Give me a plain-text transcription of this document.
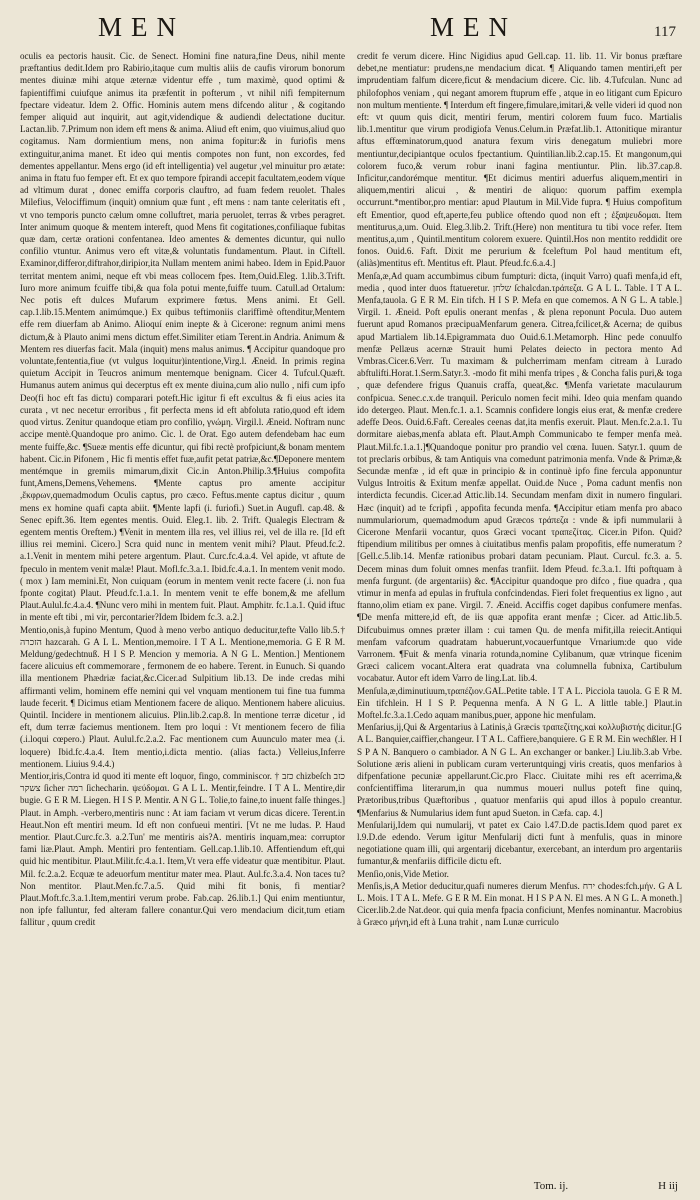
MEN	MEN	117

oculis ea pectoris hausit. Cic. de Senect. Homini fine natura,fine Deus, nihil mente præftantius dedit.Idem pro Rabirio,itaque cum multis aliis de caufis virorum bonorum mentes diuinæ mihi atque æternæ videntur effe , tum maximè, quod optimi & fapientiffimi cuiufque animus ita præfentit in pofterum , vt nihil nifi fempiternum fpectare videatur. Idem 2. Offic. Hominis autem mens difcendo alitur , & cogitando femper aliquid aut inquirit, aut agit,videndique & audiendi delectatione ducitur. Lactan.lib. 7.Primum non idem eft mens & anima. Aliud eft enim, quo viuimus,aliud quo cogitamus. Nam dormientium mens, non anima fopitur:& in furiofis mens extinguitur,anima manet. Et ideo qui mentis compotes non funt, non excordes, fed dementes appellantur. Mens ergo (id eft intelligentia) vel augetur ,vel minuitur pro ætate: anima in ftatu fuo femper eft. Et ex quo tempore fpirandi accepit facultatem,eodem víque ad vltimum durat , donec emiffa corporis clauftro, ad fuam fedem reuolet. Thales Milefius, Velociffimum (inquit) omnium quæ funt , eft mens : nam tante celeritatis eft , vt vno temporis puncto cælum omne colluftret, maria peruolet, terras & vrbes peragret. Inter animum quoque & mentem intereft, quod Mens fit cogitationes,confiliaque fubitas quæ dam, certæ orationi confentanea. Ideo amentes & dementes dicuntur, qui nullo confilio vtuntur. Animus vero eft vitæ,& voluntatis fundamentum. Plaut. in Ciftell. Examinor,differor,diftrahor,diripior,ita Nullam mentem animi habeo. Idem in Epid.Pauor territat mentem animi, neque eft vbi meas collocem fpes. Item,Ouid.Eleg. 1.lib.3.Trift. Iuro more animum fcuiffe tibi,& qua fola potui mente,fuiffe tuum. Catull.ad Ortalum: Nec potis eft dulces Mufarum exprimere fœtus. Mens animi. Et Gell. cap.1.lib.15.Mentem animúmque.) Ex quibus teftimoniis clariffimè oftenditur,Mentem effe rem diuerfam ab Animo. Alioquí enim inepte & à Cicerone: regnum animi mens dictum,& à Plauto animi mens dictum effet.Similiter etiam Terent.in Andria. Animum & Mentem res diuerfas facit. Mala (inquit) mens malus animus. ¶ Accipitur quandoque pro voluntate,fententia,fiue (vt vulgus loquitur)intentione,Virg.l. Æneid. In primis regina quietum Accipit in Teucros animum mentemque benignam. Cicer 4. Tufcul.Quæft. Humanus autem animus qui decerptus eft ex mente diuina,cum alio nullo , nifi cum ipfo Deo(fi hoc eft fas dictu) comparari poteft.Hic igitur fi eft excultus & fi eius acies ita curata , vt nec necetur erroribus , fit perfecta mens id eft abfoluta ratio,quod eft idem quod virtus. Zenitur quandoque etiam pro confilio, γνώμη. Virgil.l. Æneid. Noftram nunc accipe mentè.Quandoque pro animo. Cic. l. de Orat. Ego autem defendebam hac eum mente fuiffe,&c. ¶Sueæ mentis effe dicuntur, qui fibi rectè profpiciunt,& bonam mentem habent. Cic.in Pifonem , Hic fi mentis effet fuæ,aufit petat patriæ,&c.¶Deponere mentem mentémque in gremiis mimarum,dixit Cic.in Anton.Philip.3.¶Huius compofita funt,Amens,Demens,Vehemens. ¶Mente captus pro amente accipitur ,ἔκφρων,quemadmodum Oculis captus, pro cæco. Feftus.mente captus dicitur , quum mens ex homine quafi capta abiit. ¶Mente lapfi (i. furiofi.) Suet.in Augufl. cap.48. & Senec epift.36. Item egentes mentis. Ouid. Eleg.1. lib. 2. Trift. Qualegis Electram & egentem mentis Oreftem.) ¶Venit in mentem illa res, vel illius rei, vel de illa re. [Id eft illius rei memini. Cicero.] Scra quid nunc in mentem venit mihi? Plaut. Pfeud.fc.2. a.1.Venit in mentem mihi petere argentum. Plaut. Curc.fc.4.a.4. Vel apide, vt aftute de fpeculo in mentem venit malæ! Plaut. Mofl.fc.3.a.1. Ibid.fc.4.a.1. In mentem venit modo. ( mox ) Iam memini.Et, Non cuiquam (eorum in mentem venit recte facere (.i. non fua fponte cogitat) Plaut. Pfeud.fc.1.a.1. In mentem venit te effe bonem,& me afellum Plaut.Aulul.fc.4.a.4. ¶Nunc vero mihi in mentem fuit. Plaut. Amphitr. fc.1.a.1. Quid iftuc in mente eft tibi , mi vir, percontarier?Idem Ibidem fc.3. a.2.]

Mentio,onis,à fupino Mentum, Quod à meno verbo antiquo deducitur,tefte Vallo lib.5.† הזכרה hazcarah. G A L L. Mention,memoire. I T A L. Mentione,memoria. G E R M. Meldung/gedechtnuß. H I S P. Mencion y memoria. A N G L. Mention.] Mentionem facere alicuius eft commemorare , fermonem de eo habere. Terent. in Eunuch. Si quando illa mentionem Phædriæ faciat,&c.Cicer.ad Sulpitium lib.13. De inde credas mihi affirmanti velim, hominem effe nemini qui vel vnquam mentionem tui fine tua fumma laude fecerit. ¶ Dicimus etiam Mentionem facere de aliquo. Mentionem habere alicuius. Quintil. Incidere in mentionem alicuius. Plin.lib.2.cap.8. In mentione terræ dicetur , id eft, dum terræ faciemus mentionem. Item pro loqui : Vt mentionem fecero de filia (.i.loqui cœpero.) Plaut. Aulul.fc.2.a.2. Fac mentionem cum Auunculo mater mea (.i. loquere) Ibid.fc.4.a.4. Item mentio,i.dicta mentio. (alias facta.) Velleius,Inferre mentionem. Liuius 9.4.4.)

Mentior,iris,Contra id quod iti mente eft loquor, fingo, comminiscor. † כזב chizbeſch כזב צשקר ſicher רמה ſichecharin. ψεύδομαι. G A L L. Mentir,feindre. I T A L. Mentire,dir bugie. G E R M. Liegen. H I S P. Mentir. A N G L. Tolie,to faine,to inuent falſe thinges.] Plaut. in Amph. -verbero,mentiris nunc : At iam faciam vt verum dicas dicere. Terent.in Heaut.Non eft mentiri meum. Id eft non confueui mentiri. [Vt ne me ludas. P. Haud mentior. Plaut.Curc.fc.3. a.2.Tun' me mentiris ais?A. mentiris inquam,mea: corruptor fami liæ.Plaut. Amph. Mentiri pro fententiam. Gell.cap.1.lib.10. Affentiendum eft,qui quid hic mentibitur. Plaut.Milit.fc.4.a.1. Item,Vt vera effe videatur quæ mentibitur. Plaut. Mil. fc.2.a.2. Ecquæ te adeuorfum mentitur mater mea. Plaut. Aul.fc.3.a.4. Non taces tu?Non mentitor. Plaut.Men.fc.7.a.5. Quid mihi fit bonis, fi mentiar? Plaut.Moft.fc.3.a.1.Item,mentiri verum probe. Fab.cap. 26.lib.1.] Qui enim mentiuntur, non ipfe falluntur, fed alteram fallere conantur.Qui vero mendacium dicit,tum etiam fallitur , quum credit

credit fe verum dicere. Hinc Nigidius apud Gell.cap. 11. lib. 11. Vir bonus præftare debet,ne mentiatur: prudens,ne mendacium dicat. ¶ Aliquando tamen mentiri,eft per imprudentiam falfum dicere,ficut & mendacium dicere. Cic. lib. 4.Tufculan. Nunc ad philofophos veniam , qui negant amorem ftuprum effe , atque in eo litigant cum Epicuro non multum mentiente. ¶ Interdum eft fingere,fimulare,imitari,& velle videri id quod non eft: vt quum quis dicit, mentiri ferum, mentiri colorem fuum fuco. Martialis lib.1.mentitur que virum prodigiofa Venus.Celum.in Præfat.lib.1. Attonitique mirantur aftus effœminatorum,quod anatura fexum viris denegatum muliebri more mentiuntur,decipiantque oculos fpectantium. Quintilian.lib.2.cap.15. Et mangonum,qui colorem fuco,& verum robur inani fagina mentiuntur. Plin. lib.37.cap.8. Inficitur,candorémque mentitur. ¶Et dicimus mentiri aduerfus aliquem,mentiri in aliquem,mentiri alicui , & mentiri de aliquo: quorum paffim exempla occurrunt.*mentibor,pro mentiar: apud Plautum in Mil.Vide fupra. ¶ Huius compofitum eft Ementior, quod eft,aperte,feu publice oftendo quod non eft ; ἐξαψευδομαι. Item mentiturus,a,um. Ouid. Eleg.3.lib.2. Trift.(Here) non mentitura tu tibi voce refer. Item mentitus,a,um , Quintil.mentitum colorem exuere. Quintil.Hos non mentito reddidit ore fonos. Ouid.6. Faft. Dixit me perurium & fceleftum Pol haud mentitum eft,(aliàs)mentitus eft. Mentitus eft. Plaut. Pfeud.fc.6.a.4.]

Menſa,æ,Ad quam accumbimus cibum fumpturi: dicta, (inquit Varro) quafi menfa,id eft, media , quod inter duos ftatueretur. שלחן ſchalcdan.τράπεζα. G A L L. Table. I T A L. Menfa,tauola. G E R M. Ein tifch. H I S P. Mefa en que comemos. A N G L. A table.] Virgil. 1. Æneid. Poft epulis onerant menfas , & plena reponunt Pocula. Duo autem fuerunt apud Romanos præcipuaMenfarum genera. Citrea,fcilicet,& Acerna; de quibus apud Martialem lib.14.Epigrammata duo Ouid.6.1.Metamorph. Hinc pede conuulfo menfæ Pellæus acernæ Strauit humi Pelates deiecto in pectora mento Ad Vmbras.Cicer.6.Verr. Tu maximam & pulcherrimam menfam citream à Lurado abftulifti.Horat.1.Serm.Satyr.3. -modo fit mihi menfa tripes , & Concha falis puri,& toga , quæ defendere frigus Quanuis craffa, queat,&c. ¶Menfa varietate maculaurum confpicua. Senec.c.x.de tranquil. Periculo nomen fecit mihi. Ideo quia menfam quando ido detergeo. Plaut. Men.fc.1. a.1. Scamnis confidere longis eius erat, & menfæ credere adeffe Deos. Ouid.6.Faft. Cereales ceenas dat,ita menfis exeruit. Plaut. Men.fc.2.a.1. Tu dormitare aiebas,menfa ablata eft. Plaut.Amph Communicabo te femper menfa meà. Plaut.Mil.fc.1.a.1.]¶Quandoque ponitur pro prandio vel cœna. Iuuen. Satyr.1. quum de tot preclaris orbibus, & tam Antiquis vna comedunt patrimonia menfa. Vnde & Primæ,& Secundæ menfæ , id eft quæ in principio & in continuè ipfo fine fercula apponuntur Vulgus Introitis & Exitum menfæ appellat. Ouid.de Nuce , Poma cadunt menfis non interdicta fecundis. Cicer.ad Attic.lib.14. Secundam menfam dixit in numero fingulari. Hæc (inquit) ad te fcripfi , appofita fecunda menfa. ¶Accipitur etiam menfa pro abaco nummulariorum, quemadmodum apud Græcos τράπεζα : vnde & ipfi nummularii à Cicerone Menfarii vocantur, quos Græci vocant τραπεζίτας. Cicer.in Pifon. Quid? ftipendium militibus per omnes à ciuitatibus menfis palam propofitis, effe numeratum ? [Gell.c.5.lib.14. Menfæ rationibus probari datam pecuniam. Plaut. Curcul. fc.3. a. 5. Decem minas dum foluit omnes menfas tranfiit. Idem Pfeud. fc.3.a.1. Ifti poftquam à menfa furgunt. (de argentariis) &c. ¶Accipitur quandoque pro difco , fiue quadra , qua vtimur in menfa ad epulas in fruftula confcindendas. Fieri folet frequentius ex ligno , aut ftanno,olim etiam ex pane. Virgil. 7. Æneid. Acciffis coget dapibus confumere menfas. ¶De menfa mittere,id eft, de iis quæ appofita erant menfæ ; Cicer. ad Attic.lib.5. Difcubuimus omnes præter illam : cui tamen Qu. de menfa mifit,illa reiecit.Antiqui menfam vafcorum quadratam habuerunt,vocauerfuntque Vrnarium:de quo vide Varronem. ¶Fuit & menfa vinaria rotunda,nomine Cylibanum, quæ vtrinque ficenim Græci calicem vocant.Altera erat quadrata vna columnella fubnixa, Cartibulum vocabatur. Autor eft idem Varro de ling.Lat. lib.4.

Menſula,æ,diminutiuum,τραπέζιον.GAL.Petite table. I T A L. Picciola tauola. G E R M. Ein tifchlein. H I S P. Pequenna menfa. A N G L. A little table.] Plaut.in Moftel.fc.3.a.1.Cedo aquam manibus,puer, appone hic menfulam.

Menſarius,ij,Qui & Argentarius à Latinis,à Græcis τραπεζίτης,καὶ κολλυβιστής dicitur.[G A L. Banquier,caiffier,changeur. I T A L. Caffiere,banquiere. G E R M. Ein wechßler. H I S P A N. Banquero o cambiador. A N G L. An exchanger or banker.] Liu.lib.3.ab Vrbe. Solutione æris alieni in publicam curam verteruntquingj viris creatis, quos menfarios à difpenfatione pecuniæ appellarunt.Cic.pro Flacc. Ciuitate mihi res eft acerrima,& confcientiffima literarum,in qua nummus moueri nullus poteft fine quinq, Prætoribus,tribus Quæftoribus , quatuor menfariis qui apud illos à populo creantur. ¶Menfarius & Numularius idem funt apud Sueton. in Cæfa. cap. 4.]

Menſularij,Idem qui numularij, vt patet ex Caio l.47.D.de pactis.Idem quod paret ex l.9.D.de edendo. Verum igitur Menfularij dicti funt à menfulis, quas in minore negotiatione quam illi, qui argentarij dicebantur, exercebant, an interdum pro argentariis fumantur,& menfariis difficile dictu eft.

Menſio,onis,Vide Metior.

Menſis,is,A Metior deducitur,quafi numeres dierum Menfus. ירח chodes:fch.μήν. G A L L. Mois. I T A L. Mefe. G E R M. Ein monat. H I S P A N. El mes. A N G L. A moneth.] Cicer.lib.2.de Nat.deor. qui quia menfa fpacia conficiunt, Menfes nominantur. Macrobius à Græco μήνη,id eft à Luna trahit , nam Lunæ curriculo

Tom. ij.	H iij
